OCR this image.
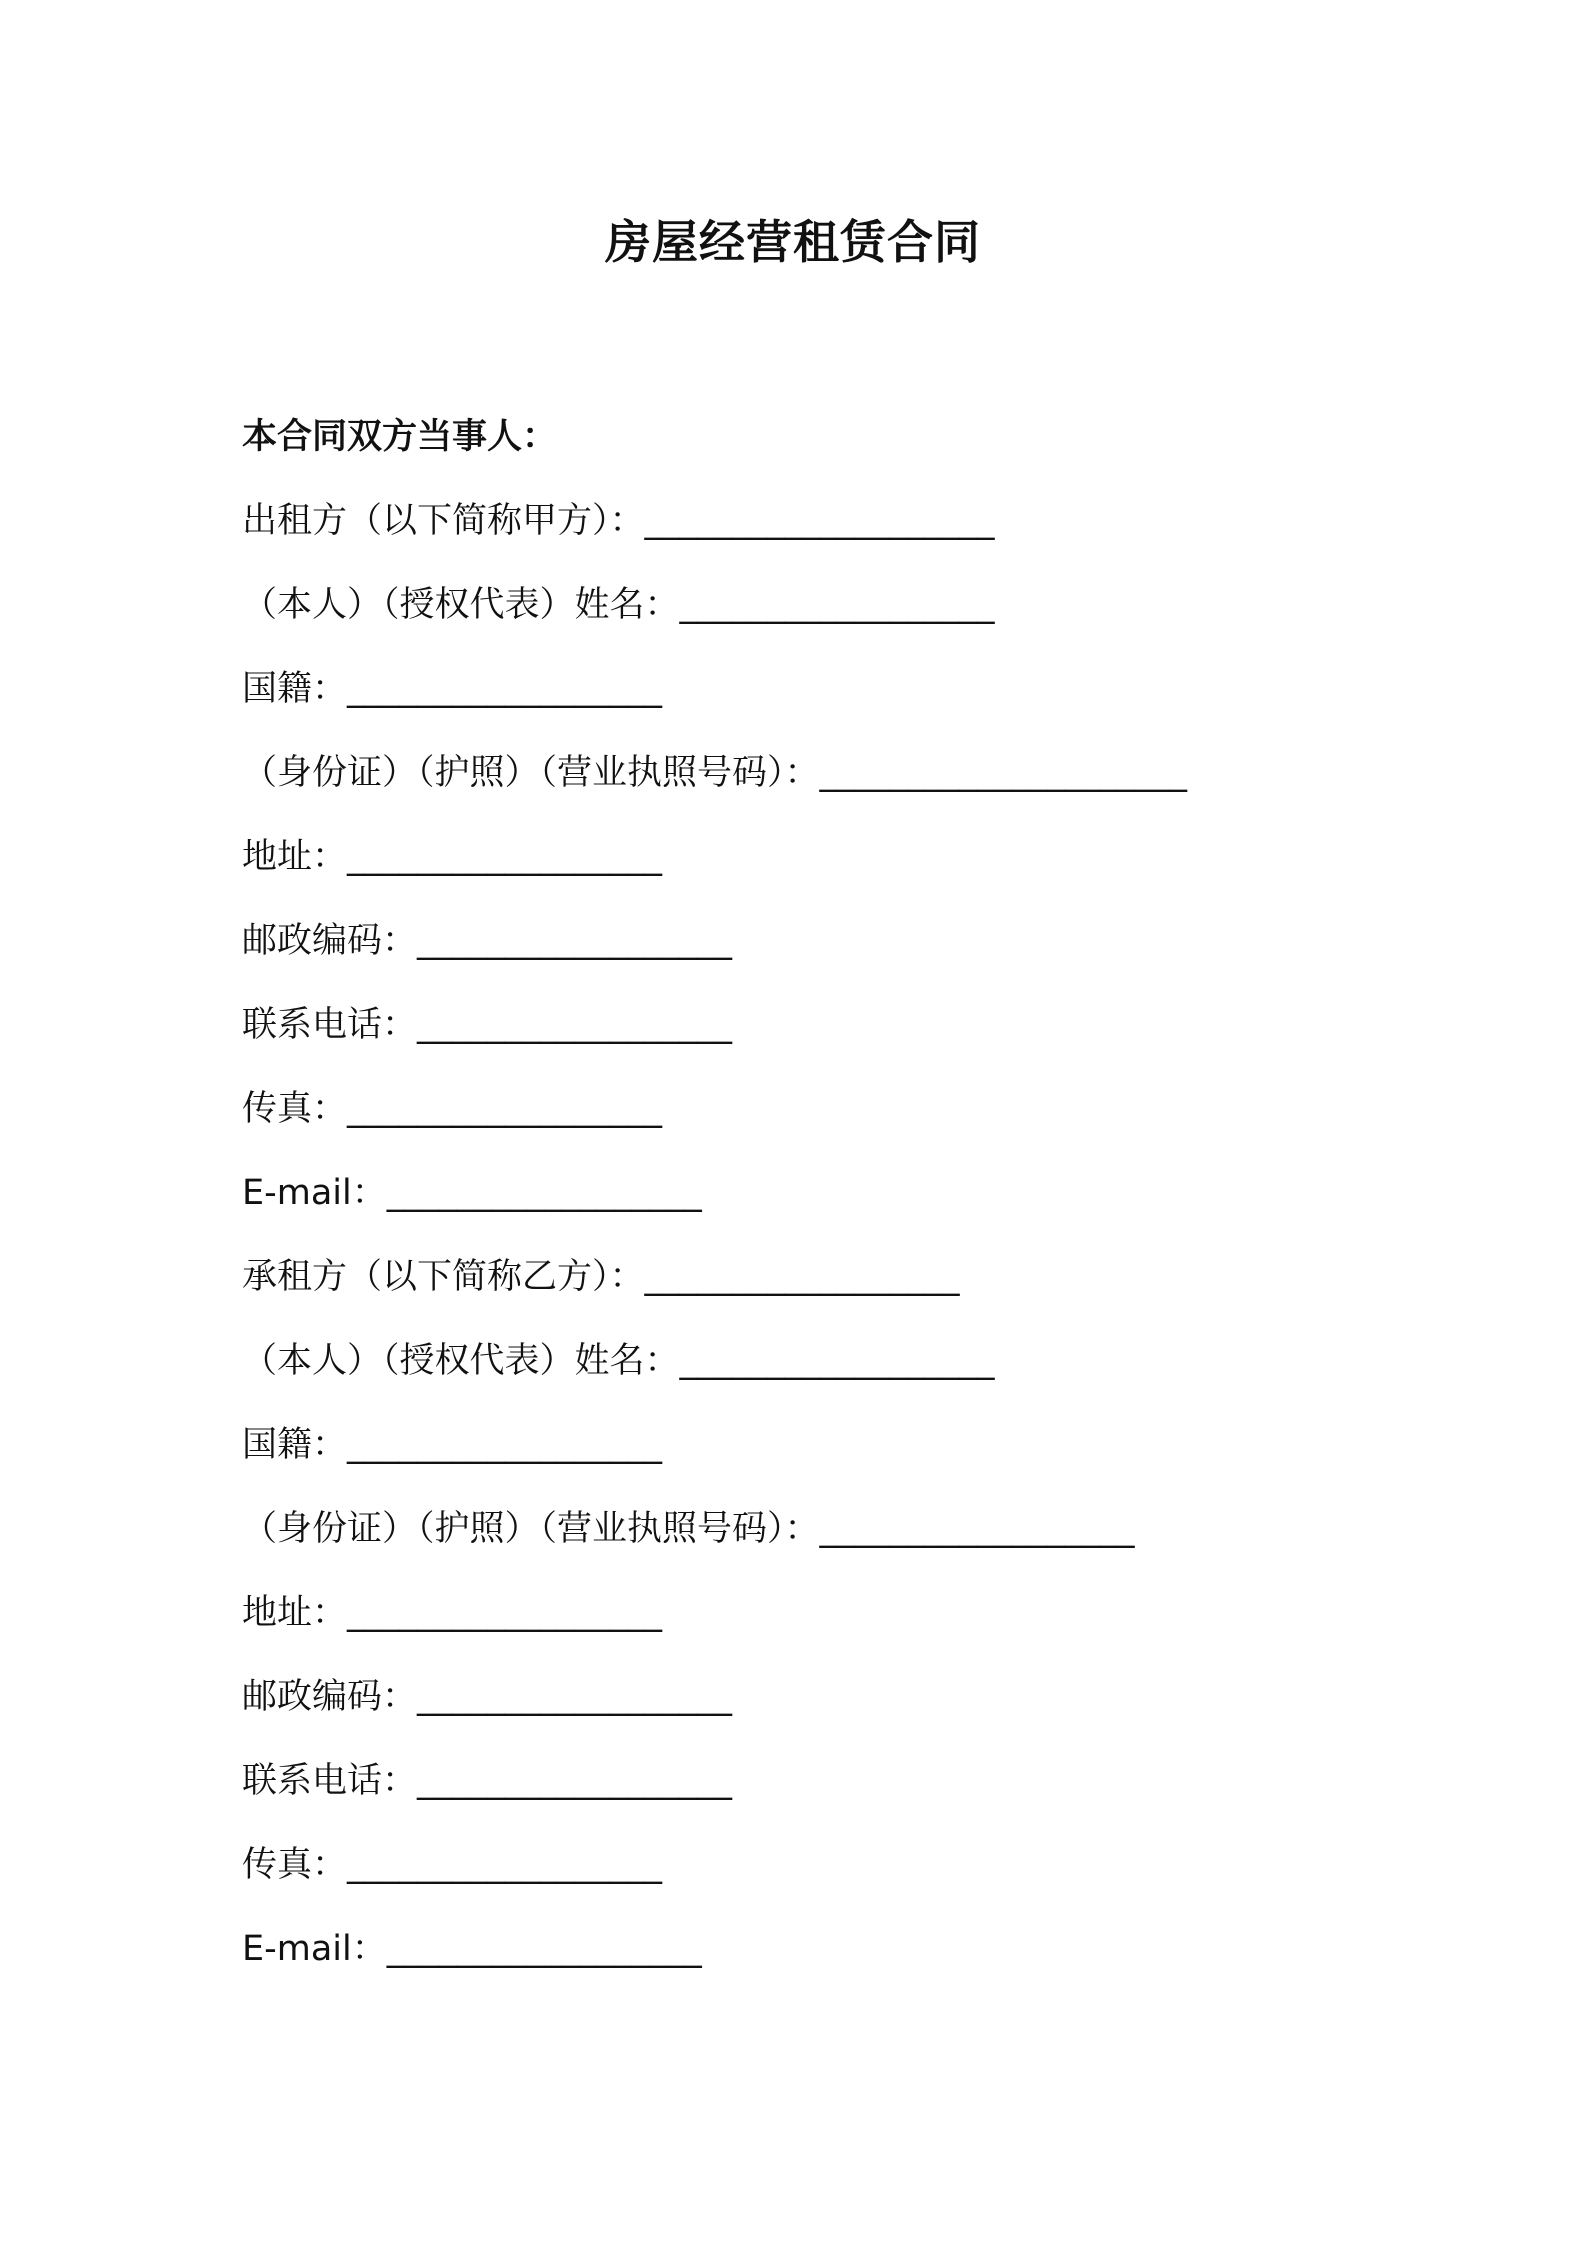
房屋经营租赁合同
本合同双方当事人：
出租方（以下简称甲方）：____________________
（本人）（授权代表）姓名：__________________
国籍：__________________
（身份证）（护照）（营业执照号码）：_____________________
地址：__________________
邮政编码：__________________
联系电话：__________________
传真：__________________
E-mail：__________________
承租方（以下简称乙方）：__________________
（本人）（授权代表）姓名：__________________
国籍：__________________
（身份证）（护照）（营业执照号码）：__________________
地址：__________________
邮政编码：__________________
联系电话：__________________
传真：__________________
E-mail：__________________
